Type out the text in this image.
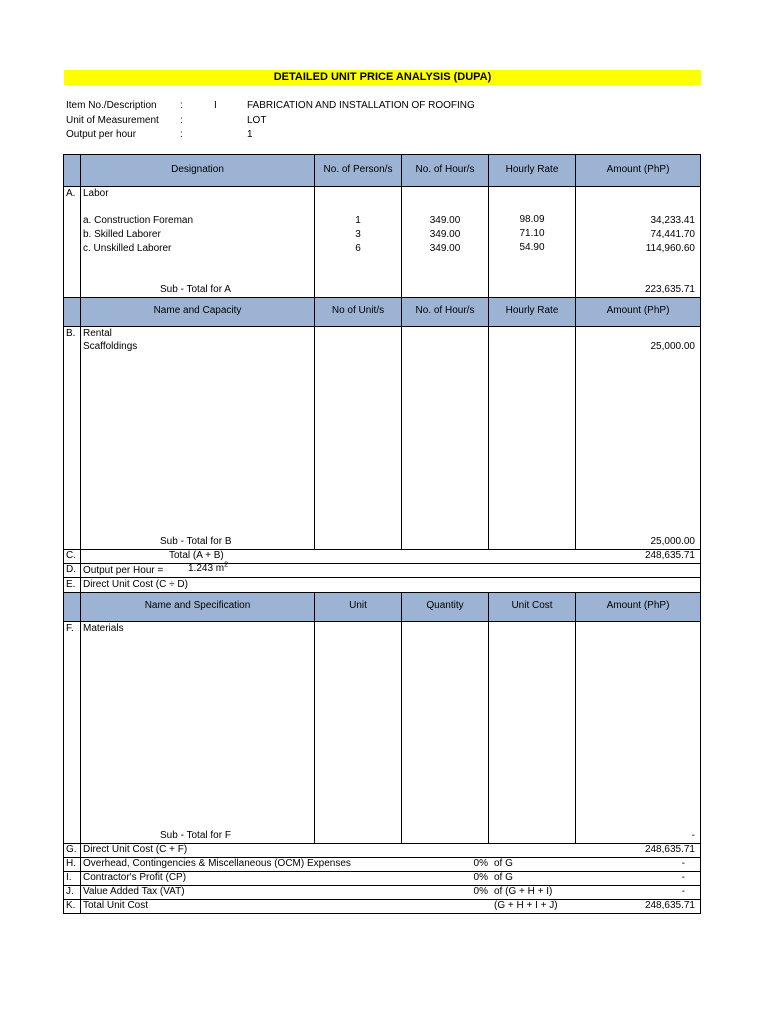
DETAILED UNIT PRICE ANALYSIS (DUPA)
Item No./Description :	I	FABRICATION AND INSTALLATION OF ROOFING
Unit of Measurement :	LOT
Output per hour	:	1
Designation	No. of Person/s	No. of Hour/s	Hourly Rate	Amount (PhP)
A. Labor
a. Construction Foreman	1	349.00	98.09	34,233.41
b. Skilled Laborer	3	349.00	71.10	74,441.70
c. Unskilled Laborer	6	349.00	54.90	114,960.60
Sub - Total for A	223,635.71
Name and Capacity	No of Unit/s	No. of Hour/s	Hourly Rate	Amount (PhP)
B. Rental
Scaffoldings	25,000.00
Sub - Total for B	25,000.00
C.	Total (A + B)	248,635.71
D. Output per Hour = 1.243 $m^2$
E. Direct Unit Cost (C ÷ D)
Name and Specification	Unit	Quantity	Unit Cost	Amount (PhP)
F. Materials
Sub - Total for F	-
G. Direct Unit Cost (C + F)	248,635.71
H. Overhead, Contingencies & Miscellaneous (OCM) Expenses	0% of G	-
I. Contractor's Profit (CP)	0% of G	-
J. Value Added Tax (VAT)	0% of (G + H + I)	-
K. Total Unit Cost	(G + H + I + J)	248,635.71
